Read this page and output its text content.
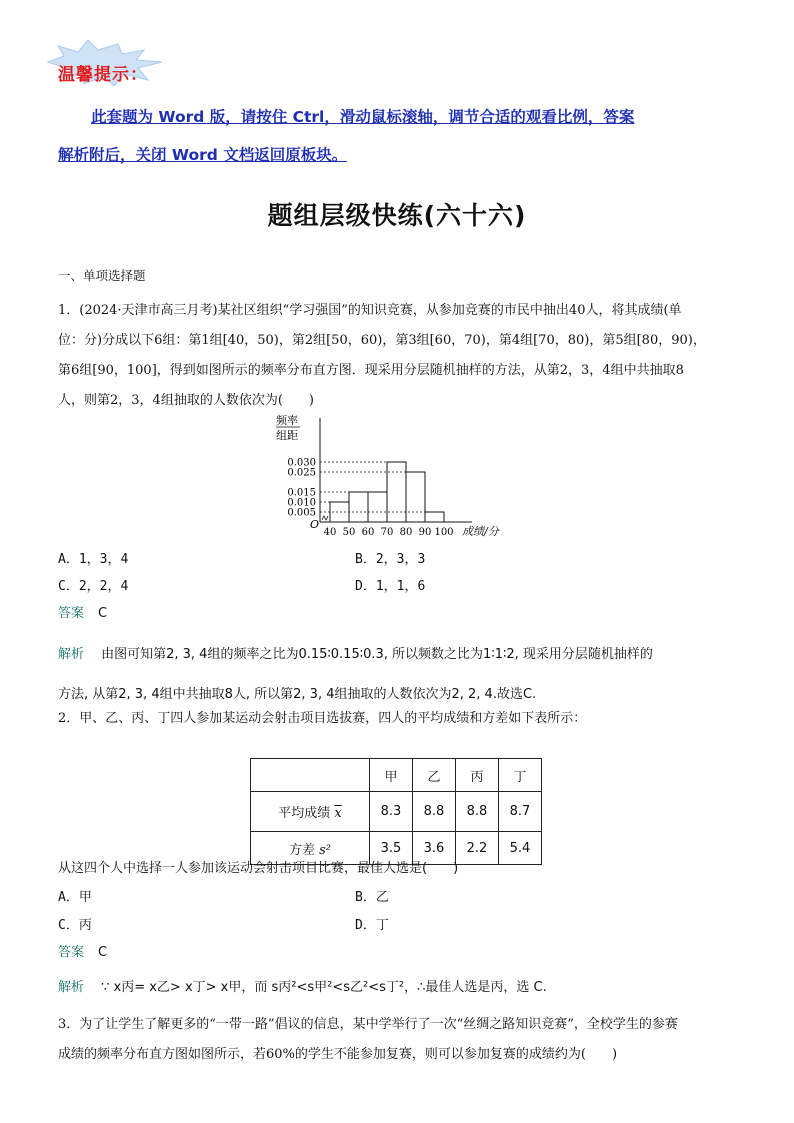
温馨提示：
此套题为 Word 版，请按住 Ctrl，滑动鼠标滚轴，调节合适的观看比例，答案
解析附后，关闭 Word 文档返回原板块。
题组层级快练(六十六)
一、单项选择题
1．(2024·天津市高三月考)某社区组织“学习强国”的知识竞赛，从参加竞赛的市民中抽出40人，将其成绩(单
位：分)分成以下6组：第1组[40，50)，第2组[50，60)，第3组[60，70)，第4组[70，80)，第5组[80，90)，
第6组[90，100]，得到如图所示的频率分布直方图．现采用分层随机抽样的方法，从第2，3，4组中共抽取8
人，则第2，3，4组抽取的人数依次为(　　)
频率
组距
成绩/分
O
0.005
0.010
0.015
0.025
0.030
40 50 60 70 80 90 100
A．1，3，4	B．2，3，3
C．2，2，4	D．1，1，6
答案 C
解析 由图可知第2, 3, 4组的频率之比为0.15∶0.15∶0.3, 所以频数之比为1∶1∶2, 现采用分层随机抽样的
方法, 从第2, 3, 4组中共抽取8人, 所以第2, 3, 4组抽取的人数依次为2, 2, 4.故选C.
2．甲、乙、丙、丁四人参加某运动会射击项目选拔赛，四人的平均成绩和方差如下表所示：
	甲	乙	丙	丁
平均成绩 $\overline{x}$	8.3	8.8	8.8	8.7
方差 s²	3.5	3.6	2.2	5.4
从这四个人中选择一人参加该运动会射击项目比赛，最佳人选是(　　)
A．甲	B．乙
C．丙	D．丁
答案 C
解析 ∵ x丙= x乙> x丁> x甲，而 s丙²<s甲²<s乙²<s丁²，∴最佳人选是丙，选 C.
3．为了让学生了解更多的“一带一路”倡议的信息，某中学举行了一次“丝绸之路知识竞赛”，全校学生的参赛
成绩的频率分布直方图如图所示，若60%的学生不能参加复赛，则可以参加复赛的成绩约为(　　)
